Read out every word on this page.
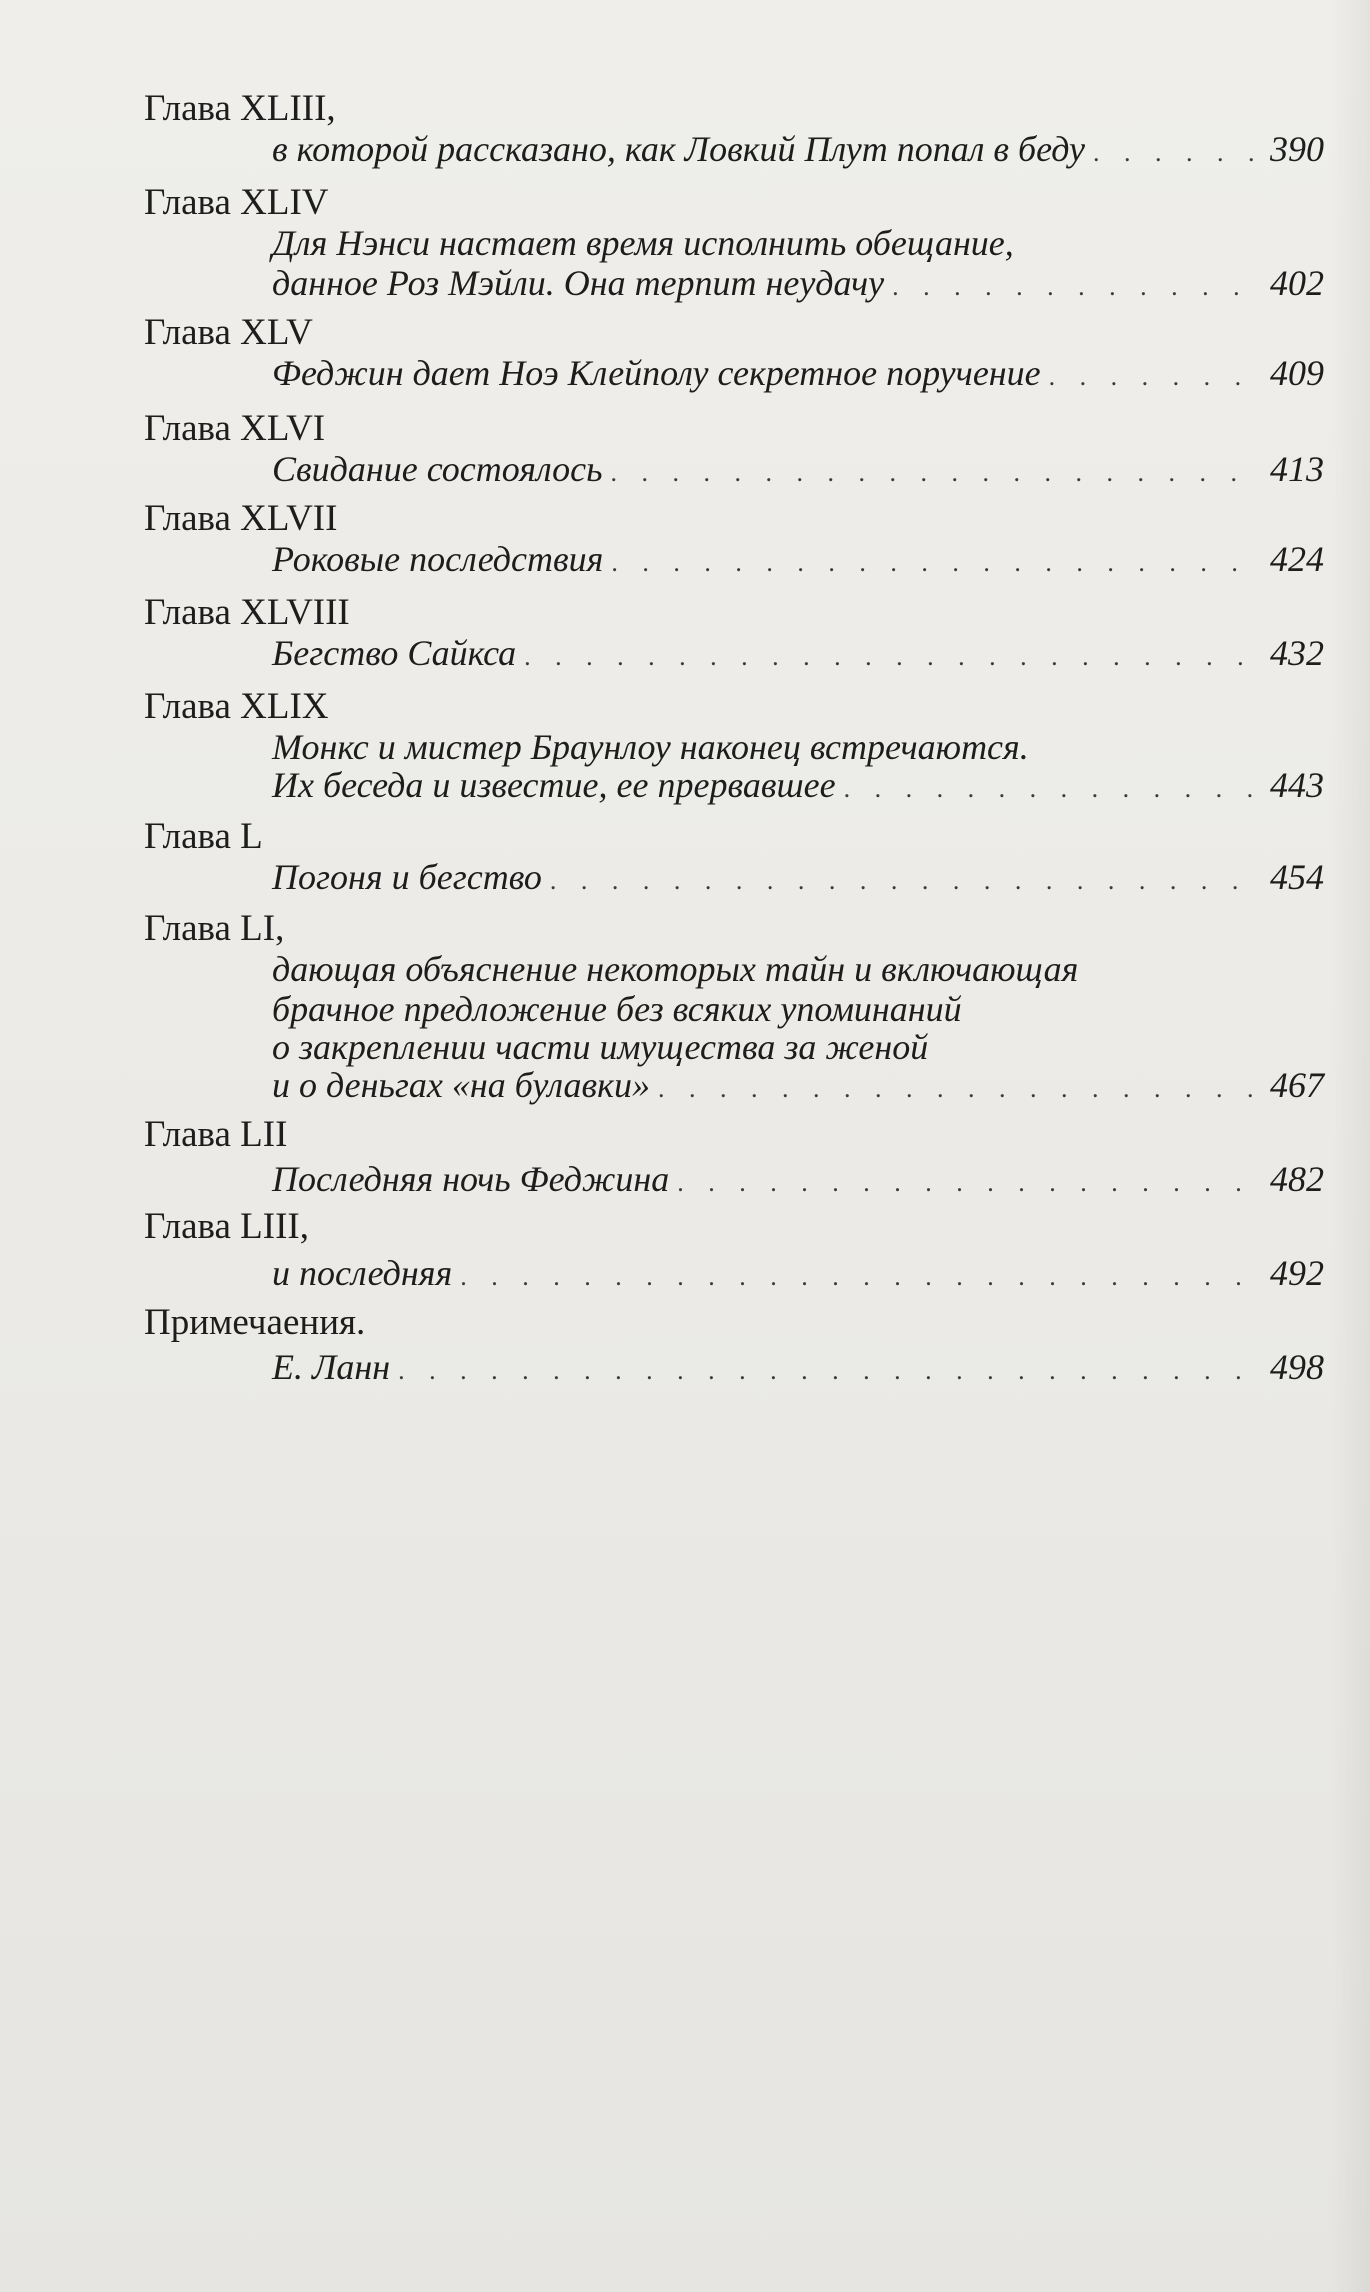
Глава XLIII,
в которой рассказано, как Ловкий Плут попал в беду . . .	390
Глава XLIV
Для Нэнси настает время исполнить обещание,
данное Роз Мэйли. Она терпит неудачу . . .	402
Глава XLV
Феджин дает Ноэ Клейполу секретное поручение . . .	409
Глава XLVI
Свидание состоялось . . .	413
Глава XLVII
Роковые последствия . . .	424
Глава XLVIII
Бегство Сайкса . . .	432
Глава XLIX
Монкс и мистер Браунлоу наконец встречаются.
Их беседа и известие, ее прервавшее . . .	443
Глава L
Погоня и бегство . . .	454
Глава LI,
дающая объяснение некоторых тайн и включающая
брачное предложение без всяких упоминаний
о закреплении части имущества за женой
и о деньгах «на булавки» . . .	467
Глава LII
Последняя ночь Феджина . . .	482
Глава LIII,
и последняя . . .	492
Примечаения.
Е. Ланн . . .	498
